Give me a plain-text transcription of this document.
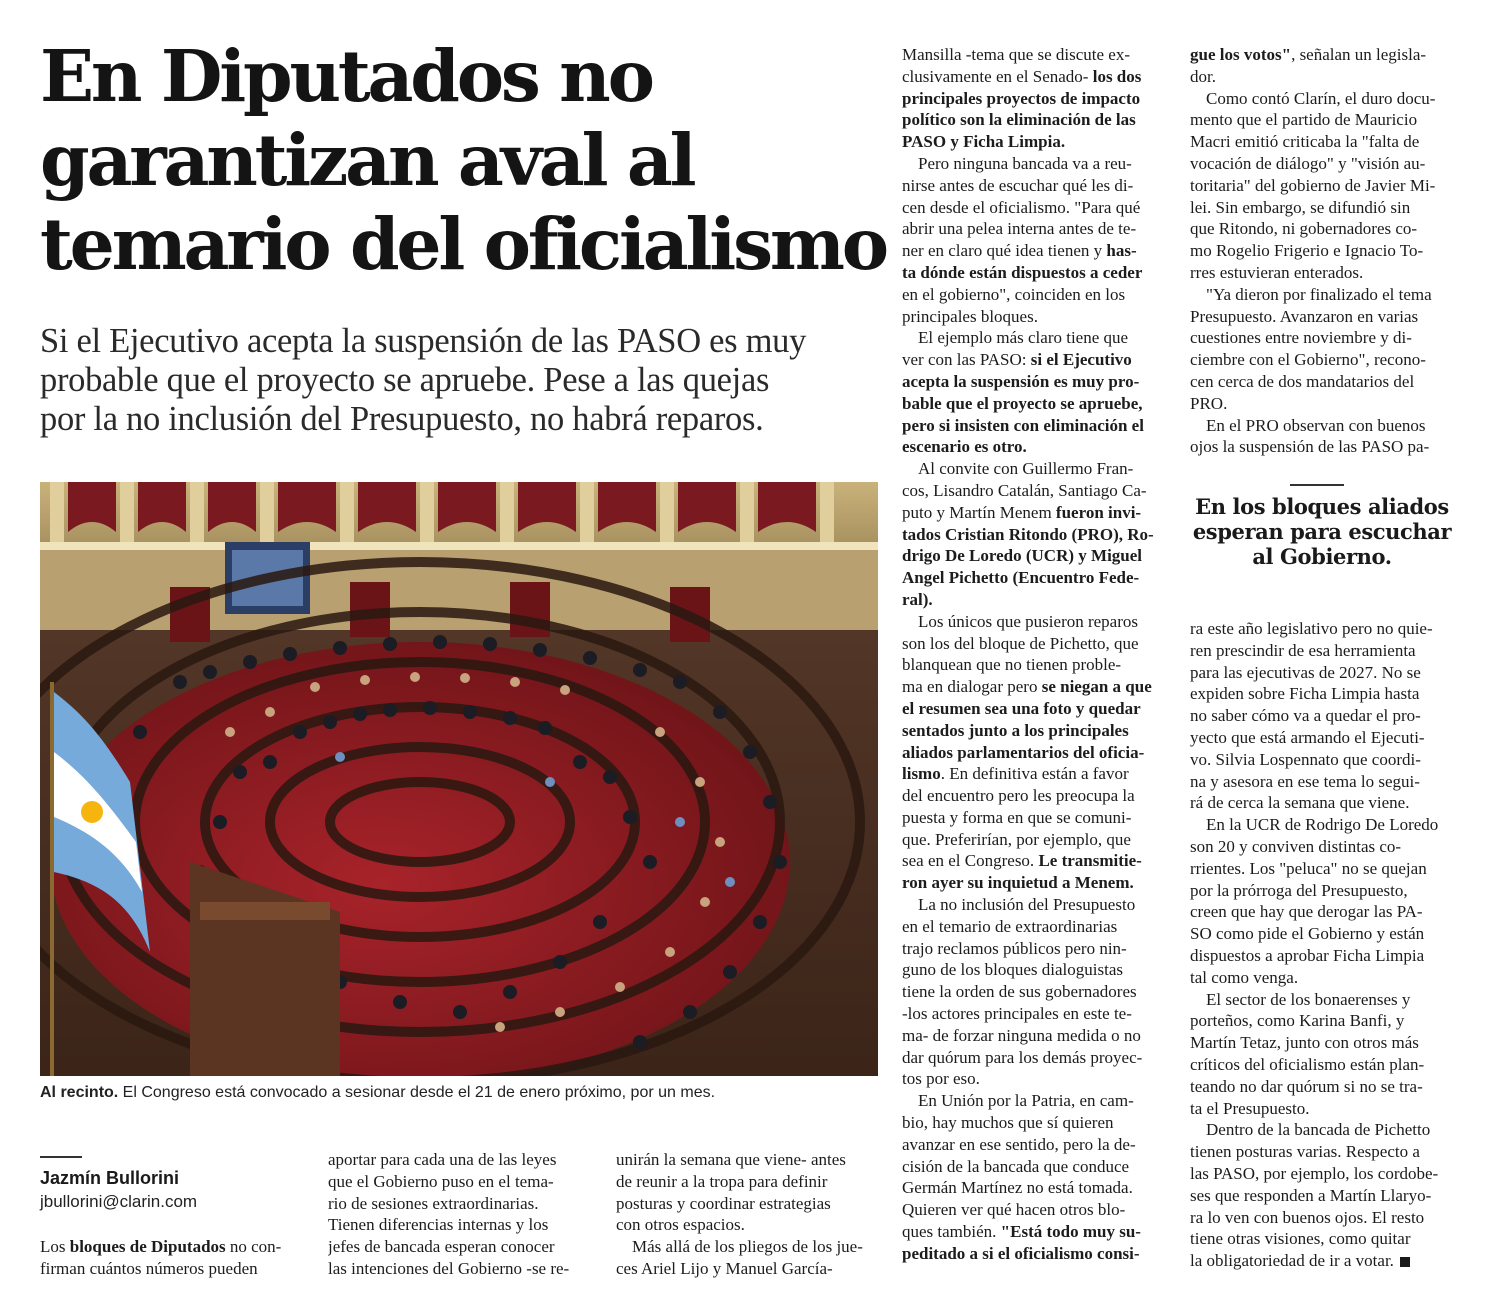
En Diputados no
garantizan aval al
temario del oficialismo
Si el Ejecutivo acepta la suspensión de las PASO es muy
probable que el proyecto se apruebe. Pese a las quejas
por la no inclusión del Presupuesto, no habrá reparos.
Al recinto. El Congreso está convocado a sesionar desde el 21 de enero próximo, por un mes.
Jazmín Bullorini
jbullorini@clarin.com
Los bloques de Diputados no con-
firman cuántos números pueden
aportar para cada una de las leyes
que el Gobierno puso en el tema-
rio de sesiones extraordinarias.
Tienen diferencias internas y los
jefes de bancada esperan conocer
las intenciones del Gobierno -se re-
unirán la semana que viene- antes
de reunir a la tropa para definir
posturas y coordinar estrategias
con otros espacios.
Más allá de los pliegos de los jue-
ces Ariel Lijo y Manuel García-
Mansilla -tema que se discute ex-
clusivamente en el Senado- los dos
principales proyectos de impacto
político son la eliminación de las
PASO y Ficha Limpia.
Pero ninguna bancada va a reu-
nirse antes de escuchar qué les di-
cen desde el oficialismo. "Para qué
abrir una pelea interna antes de te-
ner en claro qué idea tienen y has-
ta dónde están dispuestos a ceder
en el gobierno", coinciden en los
principales bloques.
El ejemplo más claro tiene que
ver con las PASO: si el Ejecutivo
acepta la suspensión es muy pro-
bable que el proyecto se apruebe,
pero si insisten con eliminación el
escenario es otro.
Al convite con Guillermo Fran-
cos, Lisandro Catalán, Santiago Ca-
puto y Martín Menem fueron invi-
tados Cristian Ritondo (PRO), Ro-
drigo De Loredo (UCR) y Miguel
Angel Pichetto (Encuentro Fede-
ral).
Los únicos que pusieron reparos
son los del bloque de Pichetto, que
blanquean que no tienen proble-
ma en dialogar pero se niegan a que
el resumen sea una foto y quedar
sentados junto a los principales
aliados parlamentarios del oficia-
lismo. En definitiva están a favor
del encuentro pero les preocupa la
puesta y forma en que se comuni-
que. Preferirían, por ejemplo, que
sea en el Congreso. Le transmitie-
ron ayer su inquietud a Menem.
La no inclusión del Presupuesto
en el temario de extraordinarias
trajo reclamos públicos pero nin-
guno de los bloques dialoguistas
tiene la orden de sus gobernadores
-los actores principales en este te-
ma- de forzar ninguna medida o no
dar quórum para los demás proyec-
tos por eso.
En Unión por la Patria, en cam-
bio, hay muchos que sí quieren
avanzar en ese sentido, pero la de-
cisión de la bancada que conduce
Germán Martínez no está tomada.
Quieren ver qué hacen otros blo-
ques también. "Está todo muy su-
peditado a si el oficialismo consi-
gue los votos", señalan un legisla-
dor.
Como contó Clarín, el duro docu-
mento que el partido de Mauricio
Macri emitió criticaba la "falta de
vocación de diálogo" y "visión au-
toritaria" del gobierno de Javier Mi-
lei. Sin embargo, se difundió sin
que Ritondo, ni gobernadores co-
mo Rogelio Frigerio e Ignacio To-
rres estuvieran enterados.
"Ya dieron por finalizado el tema
Presupuesto. Avanzaron en varias
cuestiones entre noviembre y di-
ciembre con el Gobierno", recono-
cen cerca de dos mandatarios del
PRO.
En el PRO observan con buenos
ojos la suspensión de las PASO pa-
En los bloques aliados
esperan para escuchar
al Gobierno.
ra este año legislativo pero no quie-
ren prescindir de esa herramienta
para las ejecutivas de 2027. No se
expiden sobre Ficha Limpia hasta
no saber cómo va a quedar el pro-
yecto que está armando el Ejecuti-
vo. Silvia Lospennato que coordi-
na y asesora en ese tema lo segui-
rá de cerca la semana que viene.
En la UCR de Rodrigo De Loredo
son 20 y conviven distintas co-
rrientes. Los "peluca" no se quejan
por la prórroga del Presupuesto,
creen que hay que derogar las PA-
SO como pide el Gobierno y están
dispuestos a aprobar Ficha Limpia
tal como venga.
El sector de los bonaerenses y
porteños, como Karina Banfi, y
Martín Tetaz, junto con otros más
críticos del oficialismo están plan-
teando no dar quórum si no se tra-
ta el Presupuesto.
Dentro de la bancada de Pichetto
tienen posturas varias. Respecto a
las PASO, por ejemplo, los cordobe-
ses que responden a Martín Llaryo-
ra lo ven con buenos ojos. El resto
tiene otras visiones, como quitar
la obligatoriedad de ir a votar.
